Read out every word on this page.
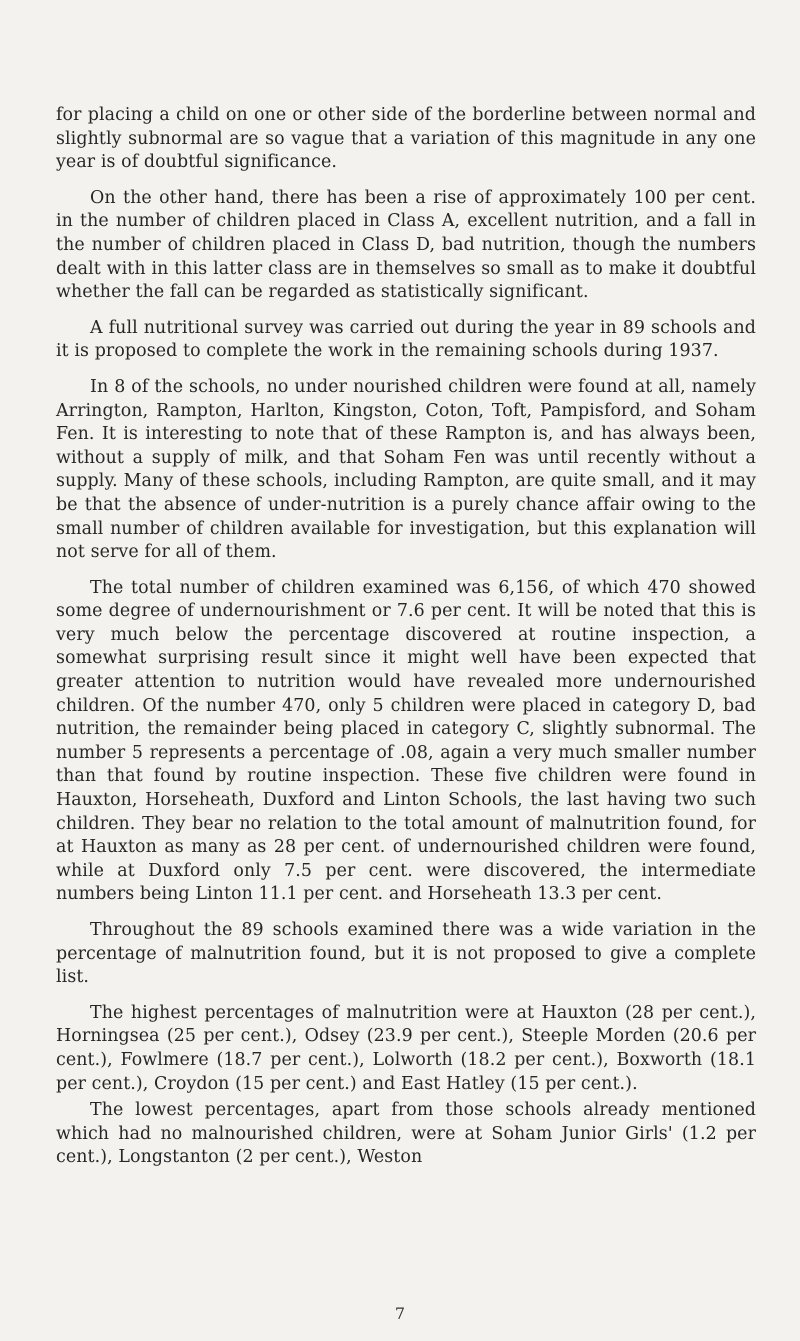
for placing a child on one or other side of the borderline between normal and slightly subnormal are so vague that a variation of this magnitude in any one year is of doubtful significance.

On the other hand, there has been a rise of approximately 100 per cent. in the number of children placed in Class A, excellent nutrition, and a fall in the number of children placed in Class D, bad nutrition, though the numbers dealt with in this latter class are in themselves so small as to make it doubtful whether the fall can be regarded as statistically significant.

A full nutritional survey was carried out during the year in 89 schools and it is proposed to complete the work in the remaining schools during 1937.

In 8 of the schools, no under nourished children were found at all, namely Arrington, Rampton, Harlton, Kingston, Coton, Toft, Pampisford, and Soham Fen. It is interesting to note that of these Rampton is, and has always been, without a supply of milk, and that Soham Fen was until recently without a supply. Many of these schools, including Rampton, are quite small, and it may be that the absence of under-nutrition is a purely chance affair owing to the small number of children available for investigation, but this explanation will not serve for all of them.

The total number of children examined was 6,156, of which 470 showed some degree of undernourishment or 7.6 per cent. It will be noted that this is very much below the percentage discovered at routine inspection, a somewhat surprising result since it might well have been expected that greater attention to nutrition would have revealed more undernourished children. Of the number 470, only 5 children were placed in category D, bad nutrition, the remainder being placed in category C, slightly subnormal. The number 5 represents a percentage of .08, again a very much smaller number than that found by routine inspection. These five children were found in Hauxton, Horseheath, Duxford and Linton Schools, the last having two such children. They bear no relation to the total amount of malnutrition found, for at Hauxton as many as 28 per cent. of undernourished children were found, while at Duxford only 7.5 per cent. were discovered, the intermediate numbers being Linton 11.1 per cent. and Horseheath 13.3 per cent.

Throughout the 89 schools examined there was a wide variation in the percentage of malnutrition found, but it is not proposed to give a complete list.

The highest percentages of malnutrition were at Hauxton (28 per cent.), Horningsea (25 per cent.), Odsey (23.9 per cent.), Steeple Morden (20.6 per cent.), Fowlmere (18.7 per cent.), Lolworth (18.2 per cent.), Boxworth (18.1 per cent.), Croydon (15 per cent.) and East Hatley (15 per cent.).

The lowest percentages, apart from those schools already mentioned which had no malnourished children, were at Soham Junior Girls' (1.2 per cent.), Longstanton (2 per cent.), Weston

7
